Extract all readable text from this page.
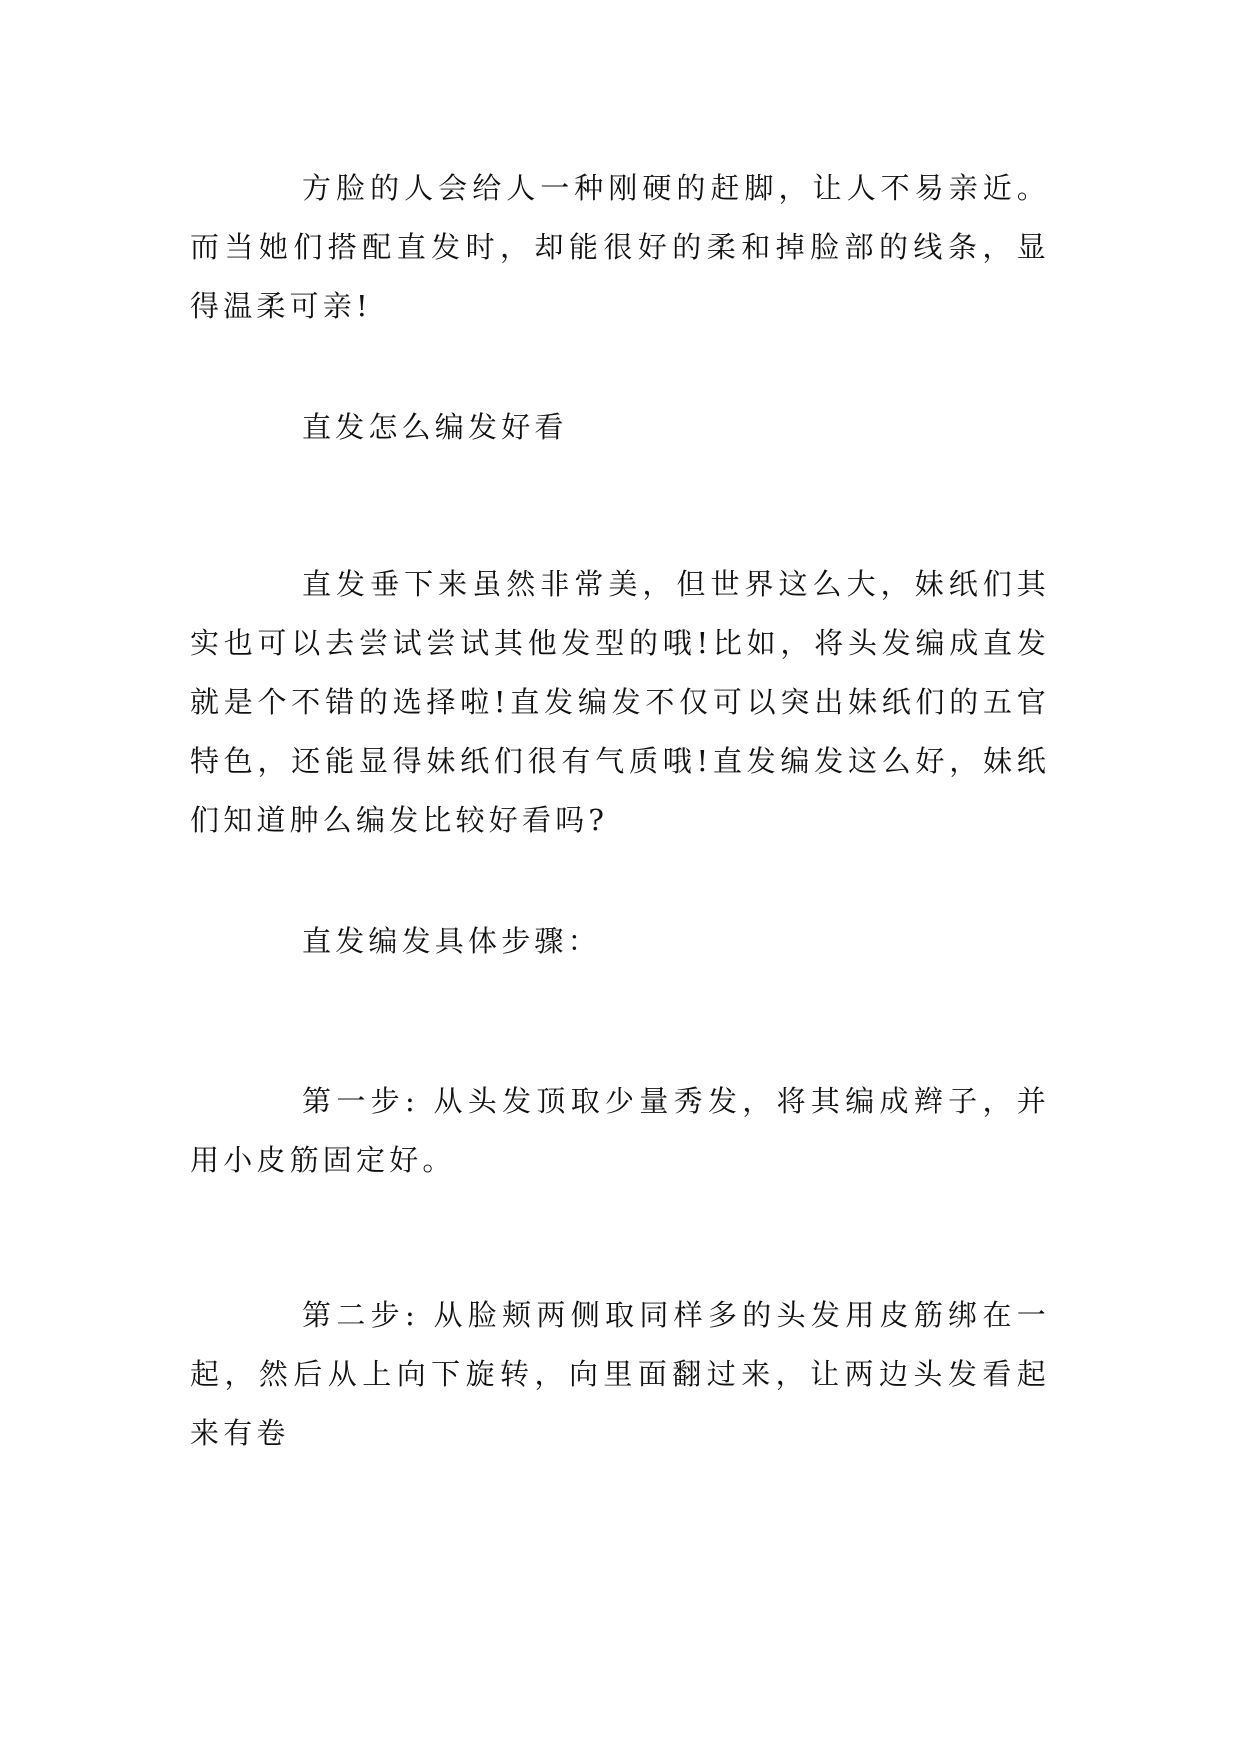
方脸的人会给人一种刚硬的赶脚，让人不易亲近。而当她们搭配直发时，却能很好的柔和掉脸部的线条，显得温柔可亲!

直发怎么编发好看

直发垂下来虽然非常美，但世界这么大，妹纸们其实也可以去尝试尝试其他发型的哦!比如，将头发编成直发就是个不错的选择啦!直发编发不仅可以突出妹纸们的五官特色，还能显得妹纸们很有气质哦!直发编发这么好，妹纸们知道肿么编发比较好看吗?

直发编发具体步骤：

第一步: 从头发顶取少量秀发，将其编成辫子，并用小皮筋固定好。

第二步: 从脸颊两侧取同样多的头发用皮筋绑在一起，然后从上向下旋转，向里面翻过来，让两边头发看起来有卷
